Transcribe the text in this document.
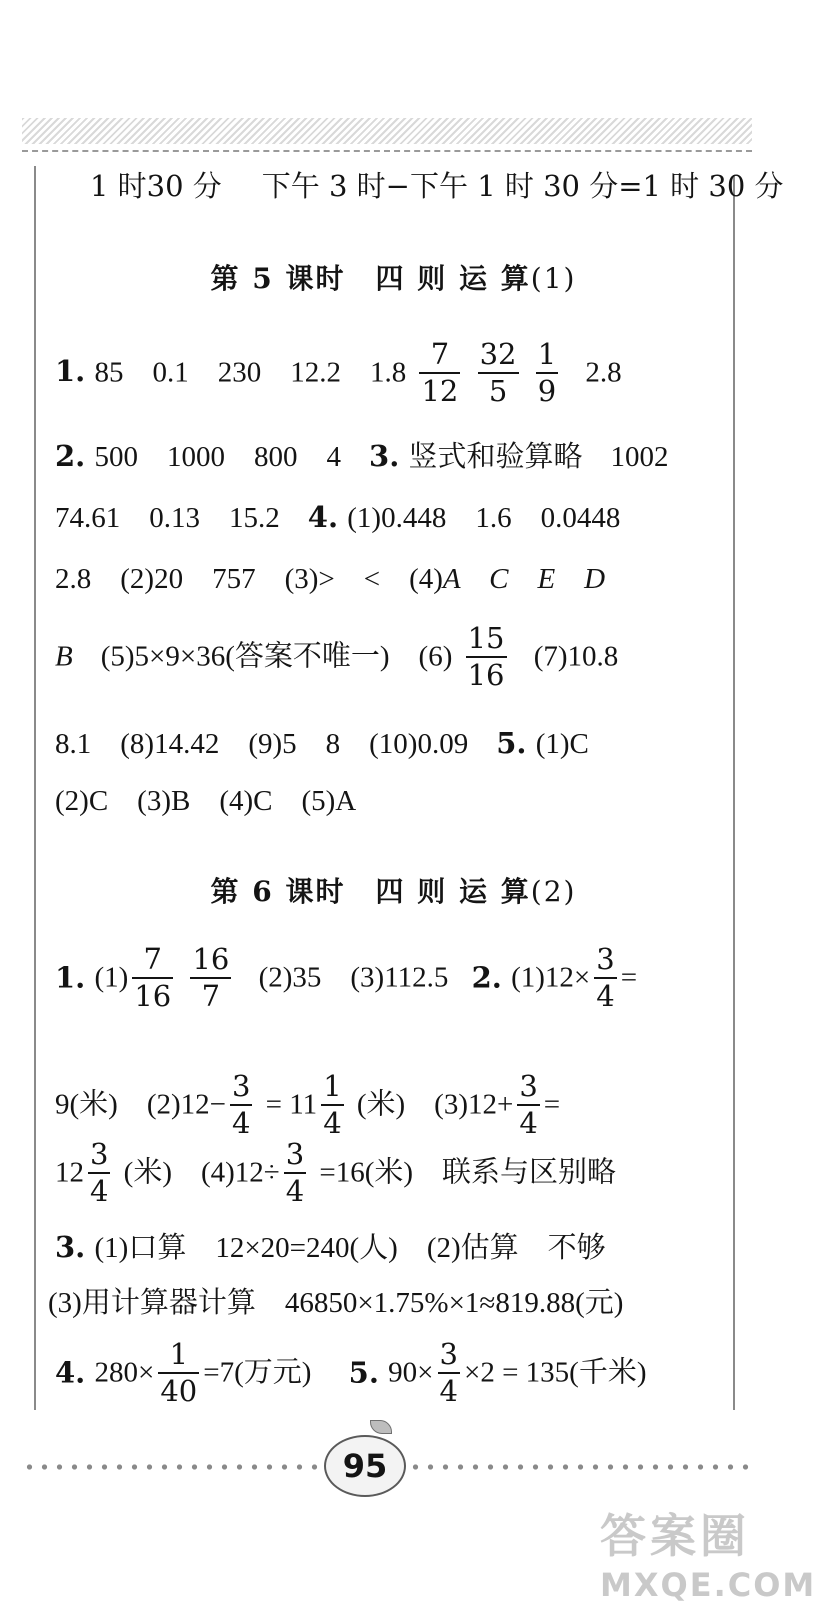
1 时30 分 下午 3 时−下午 1 时 30 分=1 时 30 分
第 5 课时　四 则 运 算(1)
1. 85　0.1　230　12.2　$1.8 \frac{7}{12}$
$\frac{32}{5}$
$\frac{1}{9} 2.8$
2. 500　1000　800　4 3. 竖式和验算略 1002
74.61　0.13　15.2 4. (1)0.448　1.6　0.0448
2.8　(2)20　757　(3)>　<　(4)A　C　E　D
B (5)5×9×36(答案不唯一)　$(6) \frac{15}{16} (7)10.8$
8.1　(8)14.42　(9)5　8　(10)0.09 5. (1)C
(2)C　(3)B　(4)C　(5)A
第 6 课时　四 则 运 算(2)
1. $(1) \frac{7}{16}$
$\frac{16}{7} (2)35$　(3)112.5 2. $(1)12\times \frac{3}{4}$ =
9(米)　$(2)12- \frac{3}{4} = 11 \frac{1}{4}$ (米)　$(3)12+ \frac{3}{4}$ =
$12 \frac{3}{4}$ (米)　$(4)12\div \frac{3}{4} =16$(米)　联系与区别略
3. (1)口算　12×20=240(人)　(2)估算　不够
(3)用计算器计算　46850×1.75%×1≈819.88(元)
4. $280\times \frac{1}{40} =7$(万元) 5. $90\times \frac{3}{4} \times 2 = 135$(千米)
95
答案圈
MXQE.COM
